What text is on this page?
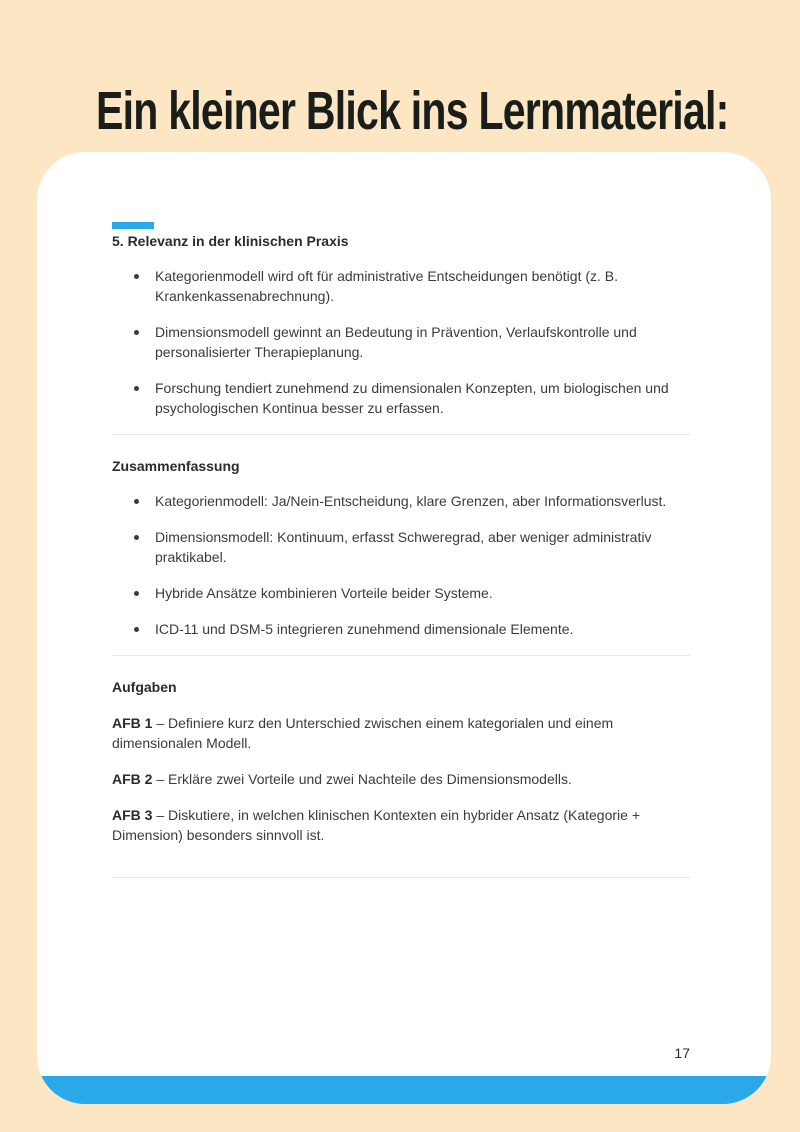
Ein kleiner Blick ins Lernmaterial:
5. Relevanz in der klinischen Praxis
Kategorienmodell wird oft für administrative Entscheidungen benötigt (z. B. Krankenkassenabrechnung).
Dimensionsmodell gewinnt an Bedeutung in Prävention, Verlaufskontrolle und personalisierter Therapieplanung.
Forschung tendiert zunehmend zu dimensionalen Konzepten, um biologischen und psychologischen Kontinua besser zu erfassen.
Zusammenfassung
Kategorienmodell: Ja/Nein-Entscheidung, klare Grenzen, aber Informationsverlust.
Dimensionsmodell: Kontinuum, erfasst Schweregrad, aber weniger administrativ praktikabel.
Hybride Ansätze kombinieren Vorteile beider Systeme.
ICD-11 und DSM-5 integrieren zunehmend dimensionale Elemente.
Aufgaben

AFB 1 – Definiere kurz den Unterschied zwischen einem kategorialen und einem dimensionalen Modell.

AFB 2 – Erkläre zwei Vorteile und zwei Nachteile des Dimensionsmodells.

AFB 3 – Diskutiere, in welchen klinischen Kontexten ein hybrider Ansatz (Kategorie + Dimension) besonders sinnvoll ist.

17
